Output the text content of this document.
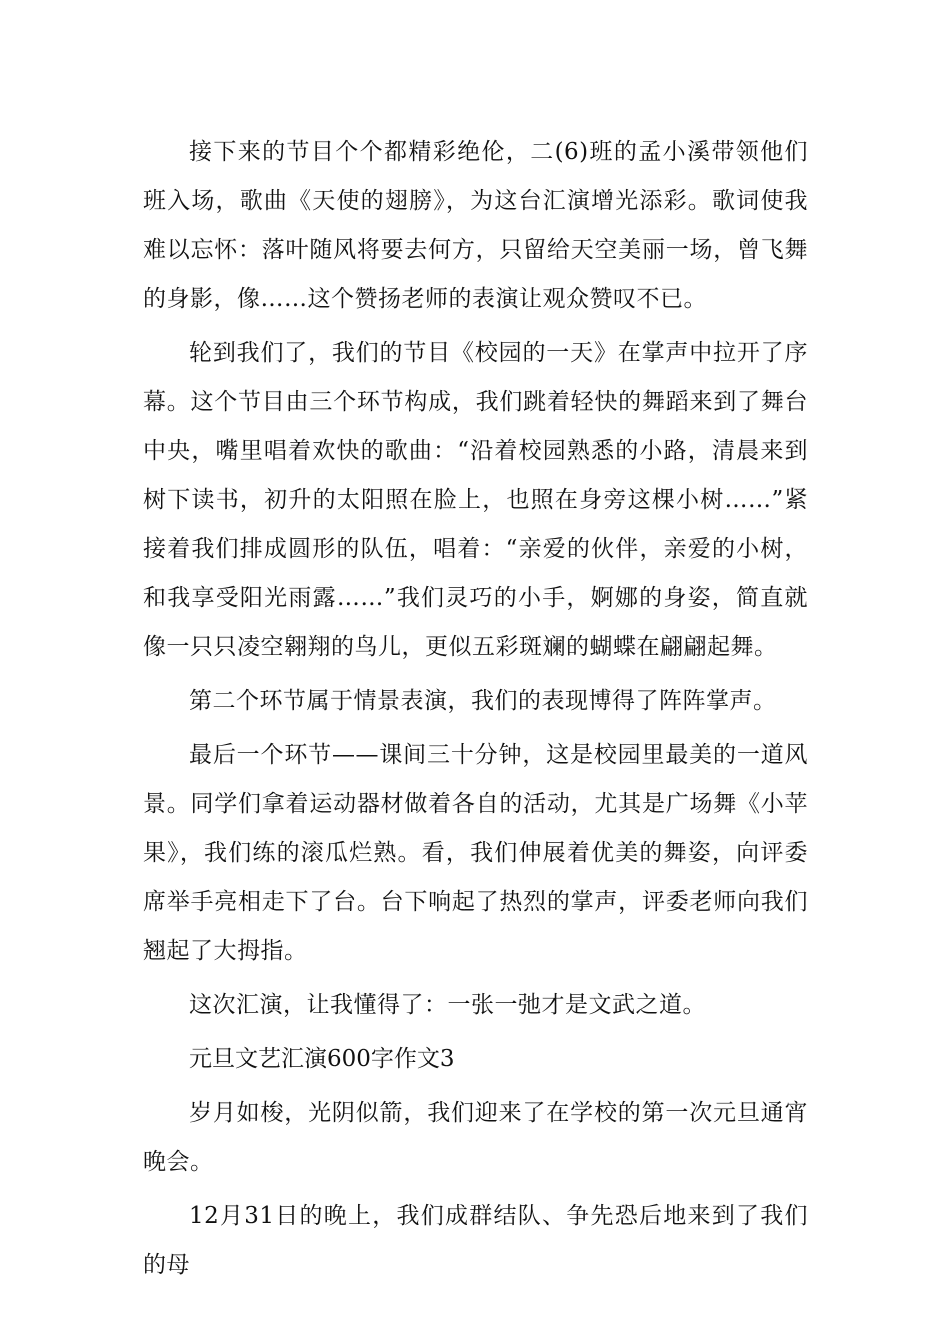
接下来的节目个个都精彩绝伦，二(6)班的孟小溪带领他们班入场，歌曲《天使的翅膀》，为这台汇演增光添彩。歌词使我难以忘怀：落叶随风将要去何方，只留给天空美丽一场，曾飞舞的身影，像……这个赞扬老师的表演让观众赞叹不已。

轮到我们了，我们的节目《校园的一天》在掌声中拉开了序幕。这个节目由三个环节构成，我们跳着轻快的舞蹈来到了舞台中央，嘴里唱着欢快的歌曲：“沿着校园熟悉的小路，清晨来到树下读书，初升的太阳照在脸上，也照在身旁这棵小树……”紧接着我们排成圆形的队伍，唱着：“亲爱的伙伴，亲爱的小树，和我享受阳光雨露……”我们灵巧的小手，婀娜的身姿，简直就像一只只凌空翱翔的鸟儿，更似五彩斑斓的蝴蝶在翩翩起舞。

第二个环节属于情景表演，我们的表现博得了阵阵掌声。

最后一个环节——课间三十分钟，这是校园里最美的一道风景。同学们拿着运动器材做着各自的活动，尤其是广场舞《小苹果》，我们练的滚瓜烂熟。看，我们伸展着优美的舞姿，向评委席举手亮相走下了台。台下响起了热烈的掌声，评委老师向我们翘起了大拇指。

这次汇演，让我懂得了：一张一弛才是文武之道。

元旦文艺汇演600字作文3

岁月如梭，光阴似箭，我们迎来了在学校的第一次元旦通宵晚会。

12月31日的晚上，我们成群结队、争先恐后地来到了我们的母
